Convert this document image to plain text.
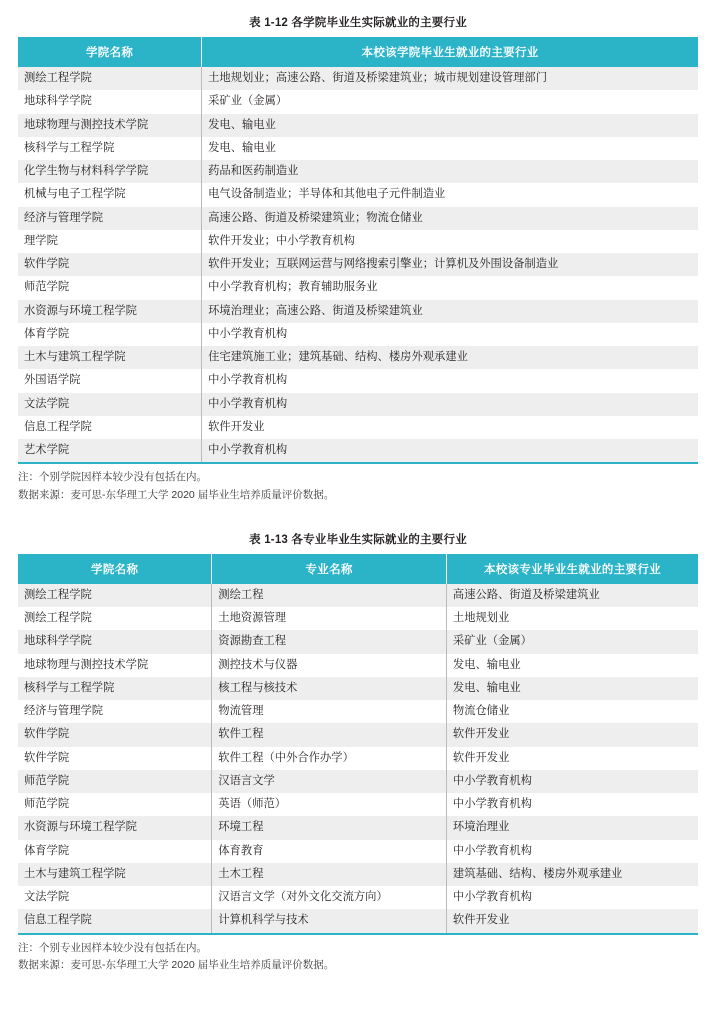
表 1-12 各学院毕业生实际就业的主要行业
学院名称	本校该学院毕业生就业的主要行业
测绘工程学院	土地规划业；高速公路、街道及桥梁建筑业；城市规划建设管理部门
地球科学学院	采矿业（金属）
地球物理与测控技术学院	发电、输电业
核科学与工程学院	发电、输电业
化学生物与材料科学学院	药品和医药制造业
机械与电子工程学院	电气设备制造业；半导体和其他电子元件制造业
经济与管理学院	高速公路、街道及桥梁建筑业；物流仓储业
理学院	软件开发业；中小学教育机构
软件学院	软件开发业；互联网运营与网络搜索引擎业；计算机及外围设备制造业
师范学院	中小学教育机构；教育辅助服务业
水资源与环境工程学院	环境治理业；高速公路、街道及桥梁建筑业
体育学院	中小学教育机构
土木与建筑工程学院	住宅建筑施工业；建筑基础、结构、楼房外观承建业
外国语学院	中小学教育机构
文法学院	中小学教育机构
信息工程学院	软件开发业
艺术学院	中小学教育机构
注：个别学院因样本较少没有包括在内。
数据来源：麦可思-东华理工大学 2020 届毕业生培养质量评价数据。
表 1-13 各专业毕业生实际就业的主要行业
学院名称	专业名称	本校该专业毕业生就业的主要行业
测绘工程学院	测绘工程	高速公路、街道及桥梁建筑业
测绘工程学院	土地资源管理	土地规划业
地球科学学院	资源勘查工程	采矿业（金属）
地球物理与测控技术学院	测控技术与仪器	发电、输电业
核科学与工程学院	核工程与核技术	发电、输电业
经济与管理学院	物流管理	物流仓储业
软件学院	软件工程	软件开发业
软件学院	软件工程（中外合作办学）	软件开发业
师范学院	汉语言文学	中小学教育机构
师范学院	英语（师范）	中小学教育机构
水资源与环境工程学院	环境工程	环境治理业
体育学院	体育教育	中小学教育机构
土木与建筑工程学院	土木工程	建筑基础、结构、楼房外观承建业
文法学院	汉语言文学（对外文化交流方向）	中小学教育机构
信息工程学院	计算机科学与技术	软件开发业
注：个别专业因样本较少没有包括在内。
数据来源：麦可思-东华理工大学 2020 届毕业生培养质量评价数据。
